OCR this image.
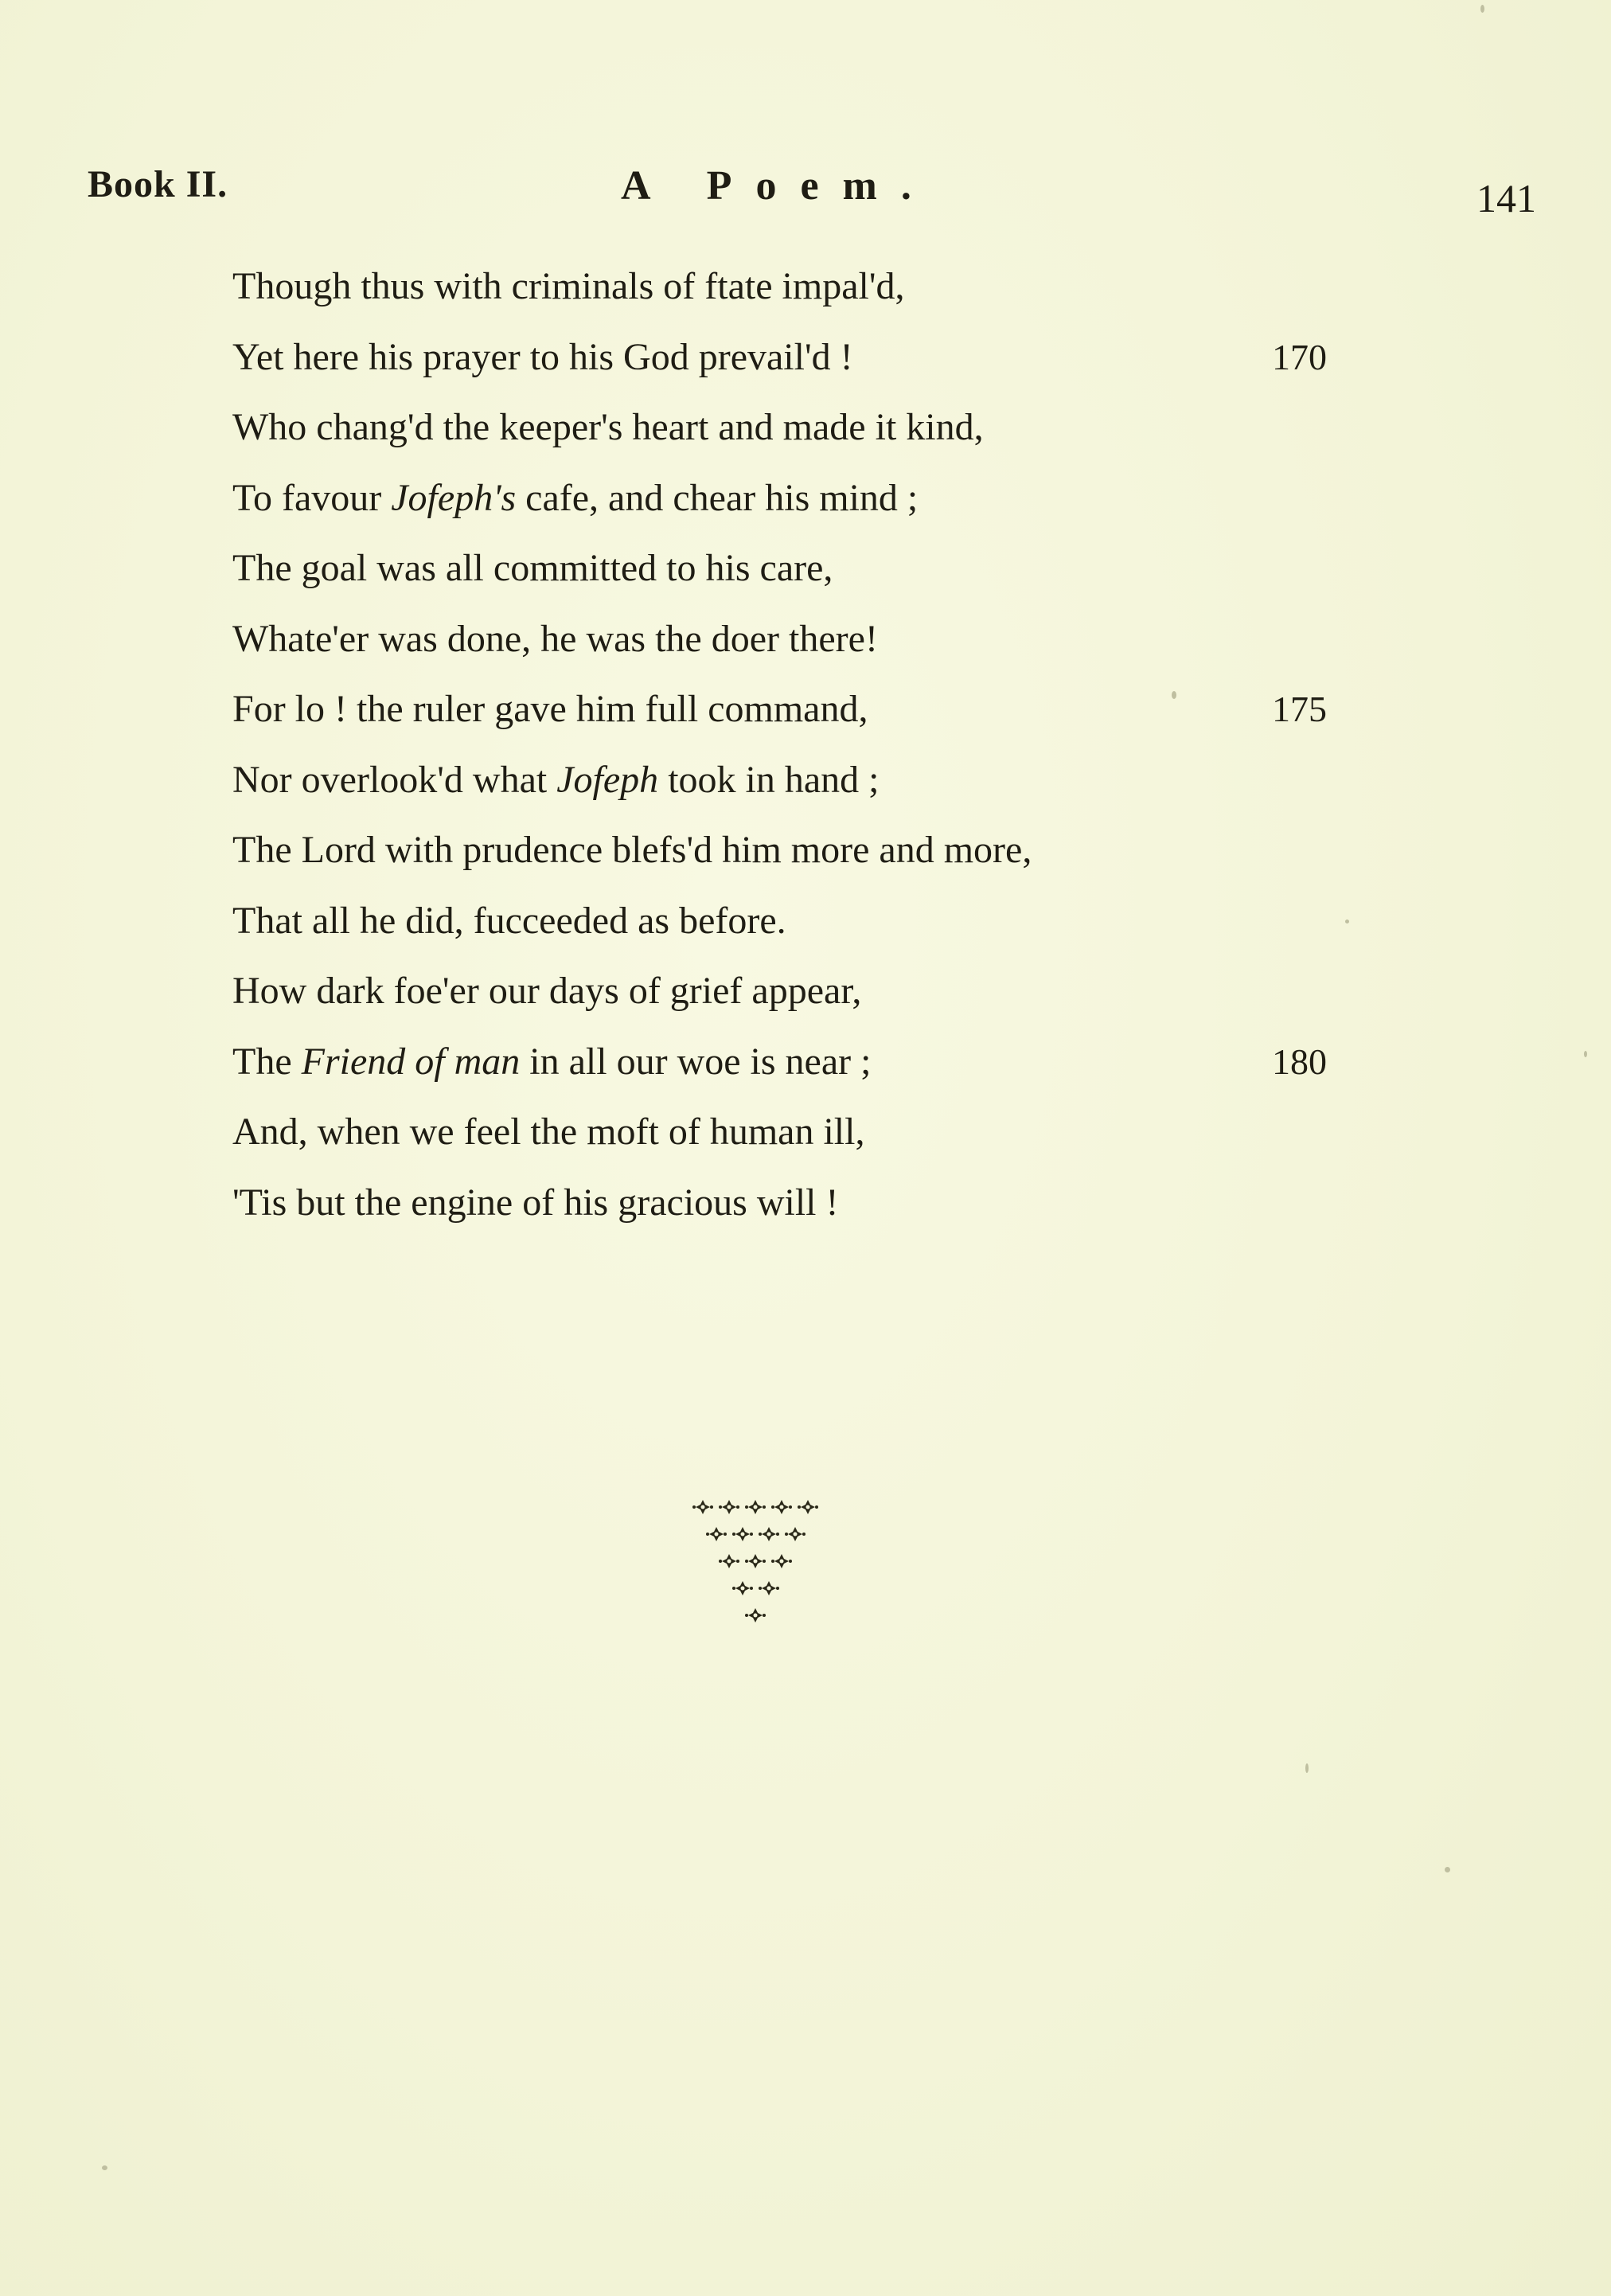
Book II.	A Poem.	141
Though thus with criminals of ftate impal'd,
Yet here his prayer to his God prevail'd !	170
Who chang'd the keeper's heart and made it kind,
To favour Jofeph's cafe, and chear his mind ;
The goal was all committed to his care,
Whate'er was done, he was the doer there!
For lo ! the ruler gave him full command,	175
Nor overlook'd what Jofeph took in hand ;
The Lord with prudence blefs'd him more and more,
That all he did, fucceeded as before.
How dark foe'er our days of grief appear,
The Friend of man in all our woe is near ;	180
And, when we feel the moft of human ill,
'Tis but the engine of his gracious will !
